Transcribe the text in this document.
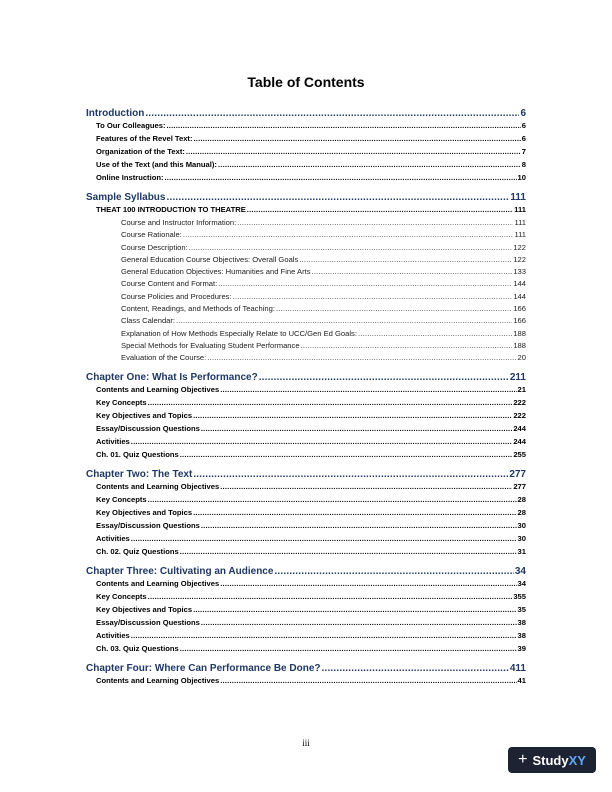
Table of Contents
Introduction .....	6
To Our Colleagues: .....	6
Features of the Revel Text: .....	6
Organization of the Text: .....	7
Use of the Text (and this Manual): .....	8
Online Instruction: .....	10
Sample Syllabus .....	111
THEAT 100 INTRODUCTION TO THEATRE .....	111
Course and Instructor Information: .....	111
Course Rationale: .....	111
Course Description: .....	122
General Education Course Objectives: Overall Goals .....	122
General Education Objectives: Humanities and Fine Arts .....	133
Course Content and Format: .....	144
Course Policies and Procedures: .....	144
Content, Readings, and Methods of Teaching: .....	166
Class Calendar: .....	166
Explanation of How Methods Especially Relate to UCC/Gen Ed Goals: .....	188
Special Methods for Evaluating Student Performance .....	188
Evaluation of the Course: .....	20
Chapter One: What Is Performance? .....	211
Contents and Learning Objectives .....	21
Key Concepts .....	222
Key Objectives and Topics .....	222
Essay/Discussion Questions .....	244
Activities .....	244
Ch. 01. Quiz Questions .....	255
Chapter Two: The Text .....	277
Contents and Learning Objectives .....	277
Key Concepts .....	28
Key Objectives and Topics .....	28
Essay/Discussion Questions .....	30
Activities .....	30
Ch. 02. Quiz Questions .....	31
Chapter Three: Cultivating an Audience .....	34
Contents and Learning Objectives .....	34
Key Concepts .....	355
Key Objectives and Topics .....	35
Essay/Discussion Questions .....	38
Activities .....	38
Ch. 03. Quiz Questions .....	39
Chapter Four: Where Can Performance Be Done? .....	411
Contents and Learning Objectives .....	41
iii
+ Study XY
